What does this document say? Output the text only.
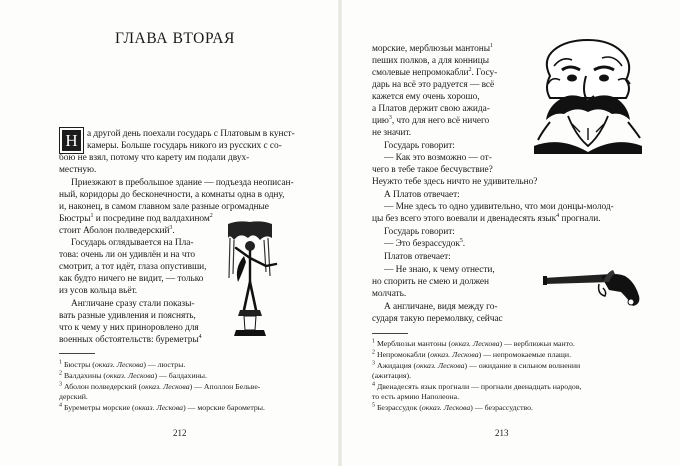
ГЛАВА ВТОРАЯ
Н а другой день поехали государь с Платовым в кунст-
камеры. Больше государь никого из русских с со-
бою не взял, потому что карету им подали двух-
местную.
Приезжают в пребольшое здание — подъезда неописан-
ный, коридоры до бесконечности, а комнаты одна в одну,
и, наконец, в самом главном зале разные огромадные
Бюстры$^1$ и посредине под валдахином$^2$
стоит Аболон полведерский$^3$.
Государь оглядывается на Пла-
това: очень ли он удивлён и на что
смотрит, а тот идёт, глаза опустивши,
как будто ничего не видит, — только
из усов кольца вьёт.
Англичане сразу стали показы-
вать разные удивления и пояснять,
что к чему у них приноровлено для
военных обстоятельств: буреметры$^4$
$^1$ Бюстры (окказ. Лескова) — люстры.
$^2$ Валдахины (окказ. Лескова) — балдахины.
$^3$ Аболон полведерский (окказ. Лескова) — Аполлон Бельве-
дерский.
$^4$ Буреметры морские (окказ. Лескова) — морские барометры.
212
морские, мерблюзьи мантоны$^1$
пеших полков, а для конницы
смолевые непромокабли$^2$. Госу-
дарь на всё это радуется — всё
кажется ему очень хорошо,
а Платов держит свою ажида-
цию$^3$, что для него всё ничего
не значит.
Государь говорит:
— Как это возможно — от-
чего в тебе такое бесчувствие?
Неужто тебе здесь ничто не удивительно?
А Платов отвечает:
— Мне здесь то одно удивительно, что мои донцы-молод-
цы без всего этого воевали и двенадесять язык$^4$ прогнали.
Государь говорит:
— Это безрассудок$^5$.
Платов отвечает:
— Не знаю, к чему отнести,
но спорить не смею и должен
молчать.
А англичане, видя между го-
сударя такую перемолвку, сейчас
$^1$ Мерблюзьи мантоны (окказ. Лескова) — верблюжьи манто.
$^2$ Непромокабли (окказ. Лескова) — непромокаемые плащи.
$^3$ Ажидация (окказ. Лескова) — ожидание в сильном волнении
(ажитация).
$^4$ Двенадесять язык прогнали — прогнали двенадцать народов,
то есть армию Наполеона.
$^5$ Безрассудок (окказ. Лескова) — безрассудство.
213
